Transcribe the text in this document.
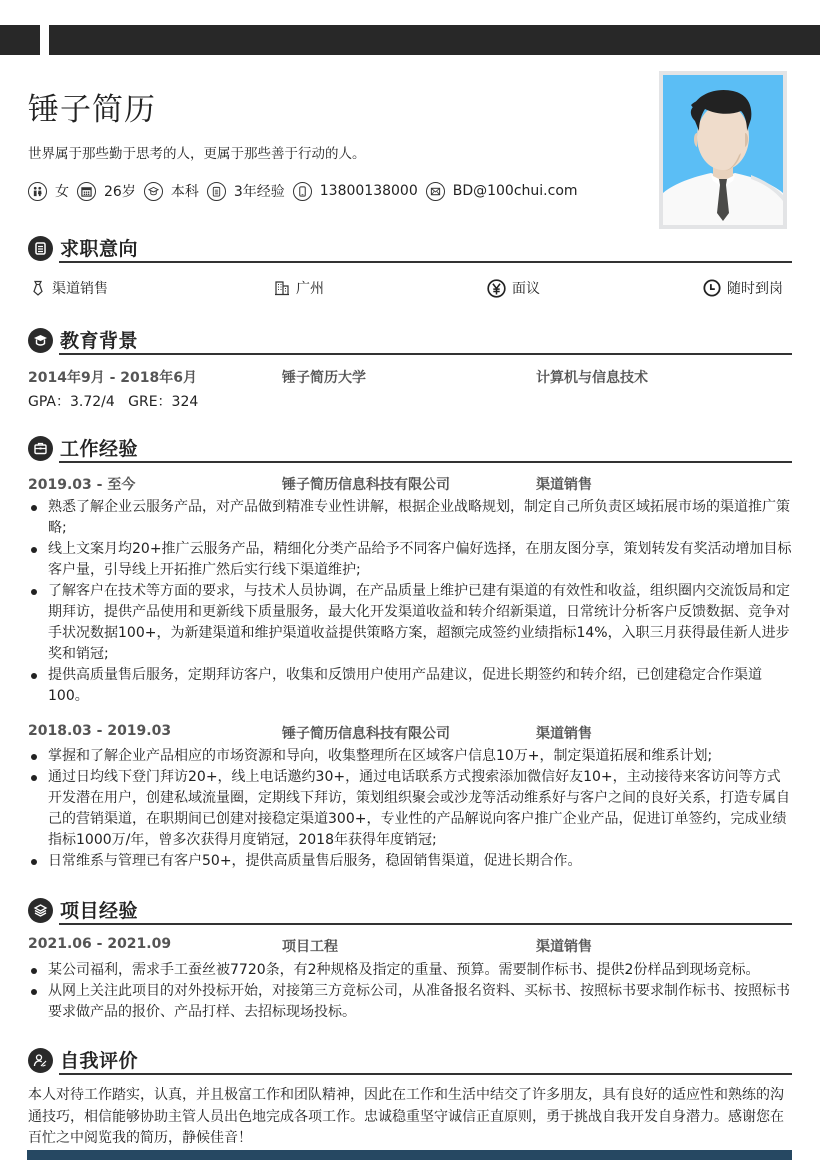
锤子简历
世界属于那些勤于思考的人，更属于那些善于行动的人。
女	26岁	本科	3年经验	13800138000	BD@100chui.com
求职意向
渠道销售	广州	面议	随时到岗
教育背景
2014年9月 - 2018年6月	锤子简历大学	计算机与信息技术
GPA：3.72/4   GRE：324
工作经验
2019.03 - 至今	锤子简历信息科技有限公司	渠道销售
熟悉了解企业云服务产品，对产品做到精准专业性讲解，根据企业战略规划，制定自己所负责区域拓展市场的渠道推广策略;
线上文案月均20+推广云服务产品，精细化分类产品给予不同客户偏好选择，在朋友图分享，策划转发有奖活动增加目标客户量，引导线上开拓推广然后实行线下渠道维护;
了解客户在技术等方面的要求，与技术人员协调，在产品质量上维护已建有渠道的有效性和收益，组织圈内交流饭局和定期拜访，提供产品使用和更新线下质量服务，最大化开发渠道收益和转介绍新渠道，日常统计分析客户反馈数据、竞争对手状况数据100+，为新建渠道和维护渠道收益提供策略方案，超额完成签约业绩指标14%，入职三月获得最佳新人进步奖和销冠;
提供高质量售后服务，定期拜访客户，收集和反馈用户使用产品建议，促进长期签约和转介绍，已创建稳定合作渠道100。
2018.03 - 2019.03	锤子简历信息科技有限公司	渠道销售
掌握和了解企业产品相应的市场资源和导向，收集整理所在区域客户信息10万+，制定渠道拓展和维系计划;
通过日均线下登门拜访20+，线上电话邀约30+，通过电话联系方式搜索添加微信好友10+，主动接待来客访问等方式开发潜在用户，创建私域流量圈，定期线下拜访，策划组织聚会或沙龙等活动维系好与客户之间的良好关系，打造专属自己的营销渠道，在职期间已创建对接稳定渠道300+，专业性的产品解说向客户推广企业产品，促进订单签约，完成业绩指标1000万/年，曾多次获得月度销冠，2018年获得年度销冠;
日常维系与管理已有客户50+，提供高质量售后服务，稳固销售渠道，促进长期合作。
项目经验
2021.06 - 2021.09	项目工程	渠道销售
某公司福利，需求手工蚕丝被7720条，有2种规格及指定的重量、预算。需要制作标书、提供2份样品到现场竞标。
从网上关注此项目的对外投标开始，对接第三方竞标公司，从准备报名资料、买标书、按照标书要求制作标书、按照标书要求做产品的报价、产品打样、去招标现场投标。
自我评价

本人对待工作踏实，认真，并且极富工作和团队精神，因此在工作和生活中结交了许多朋友，具有良好的适应性和熟练的沟通技巧，相信能够协助主管人员出色地完成各项工作。忠诚稳重坚守诚信正直原则，勇于挑战自我开发自身潜力。感谢您在百忙之中阅览我的简历，静候佳音！
